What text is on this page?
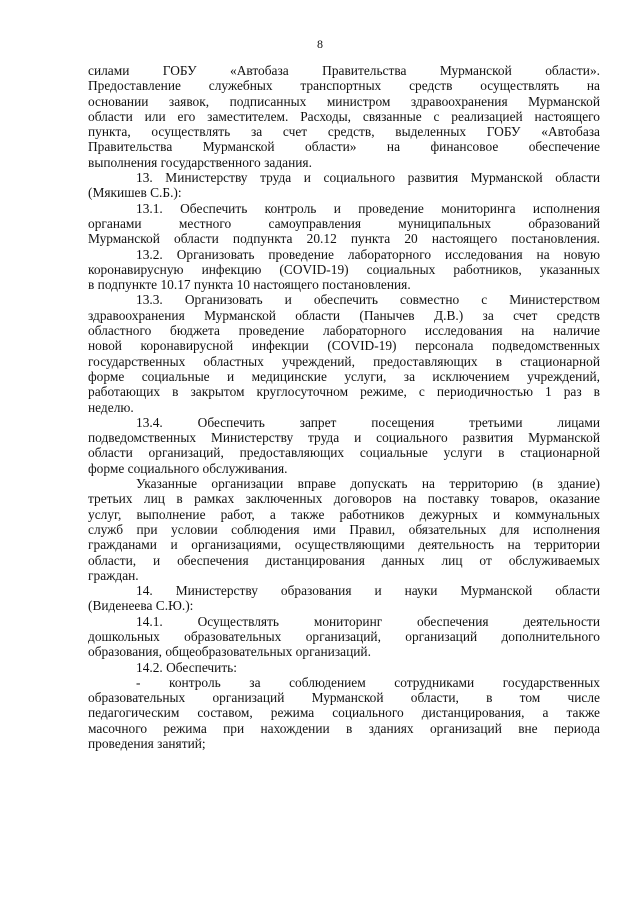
8
силами ГОБУ «Автобаза Правительства Мурманской области».
Предоставление служебных транспортных средств осуществлять на
основании заявок, подписанных министром здравоохранения Мурманской
области или его заместителем. Расходы, связанные с реализацией настоящего
пункта, осуществлять за счет средств, выделенных ГОБУ «Автобаза
Правительства Мурманской области» на финансовое обеспечение
выполнения государственного задания.
13. Министерству труда и социального развития Мурманской области
(Мякишев С.Б.):
13.1. Обеспечить контроль и проведение мониторинга исполнения
органами местного самоуправления муниципальных образований
Мурманской области подпункта 20.12 пункта 20 настоящего постановления.
13.2. Организовать проведение лабораторного исследования на новую
коронавирусную инфекцию (COVID-19) социальных работников, указанных
в подпункте 10.17 пункта 10 настоящего постановления.
13.3. Организовать и обеспечить совместно с Министерством
здравоохранения Мурманской области (Панычев Д.В.) за счет средств
областного бюджета проведение лабораторного исследования на наличие
новой коронавирусной инфекции (COVID-19) персонала подведомственных
государственных областных учреждений, предоставляющих в стационарной
форме социальные и медицинские услуги, за исключением учреждений,
работающих в закрытом круглосуточном режиме, с периодичностью 1 раз в
неделю.
13.4. Обеспечить запрет посещения третьими лицами
подведомственных Министерству труда и социального развития Мурманской
области организаций, предоставляющих социальные услуги в стационарной
форме социального обслуживания.
Указанные организации вправе допускать на территорию (в здание)
третьих лиц в рамках заключенных договоров на поставку товаров, оказание
услуг, выполнение работ, а также работников дежурных и коммунальных
служб при условии соблюдения ими Правил, обязательных для исполнения
гражданами и организациями, осуществляющими деятельность на территории
области, и обеспечения дистанцирования данных лиц от обслуживаемых
граждан.
14. Министерству образования и науки Мурманской области
(Виденеева С.Ю.):
14.1. Осуществлять мониторинг обеспечения деятельности
дошкольных образовательных организаций, организаций дополнительного
образования, общеобразовательных организаций.
14.2. Обеспечить:
- контроль за соблюдением сотрудниками государственных
образовательных организаций Мурманской области, в том числе
педагогическим составом, режима социального дистанцирования, а также
масочного режима при нахождении в зданиях организаций вне периода
проведения занятий;
